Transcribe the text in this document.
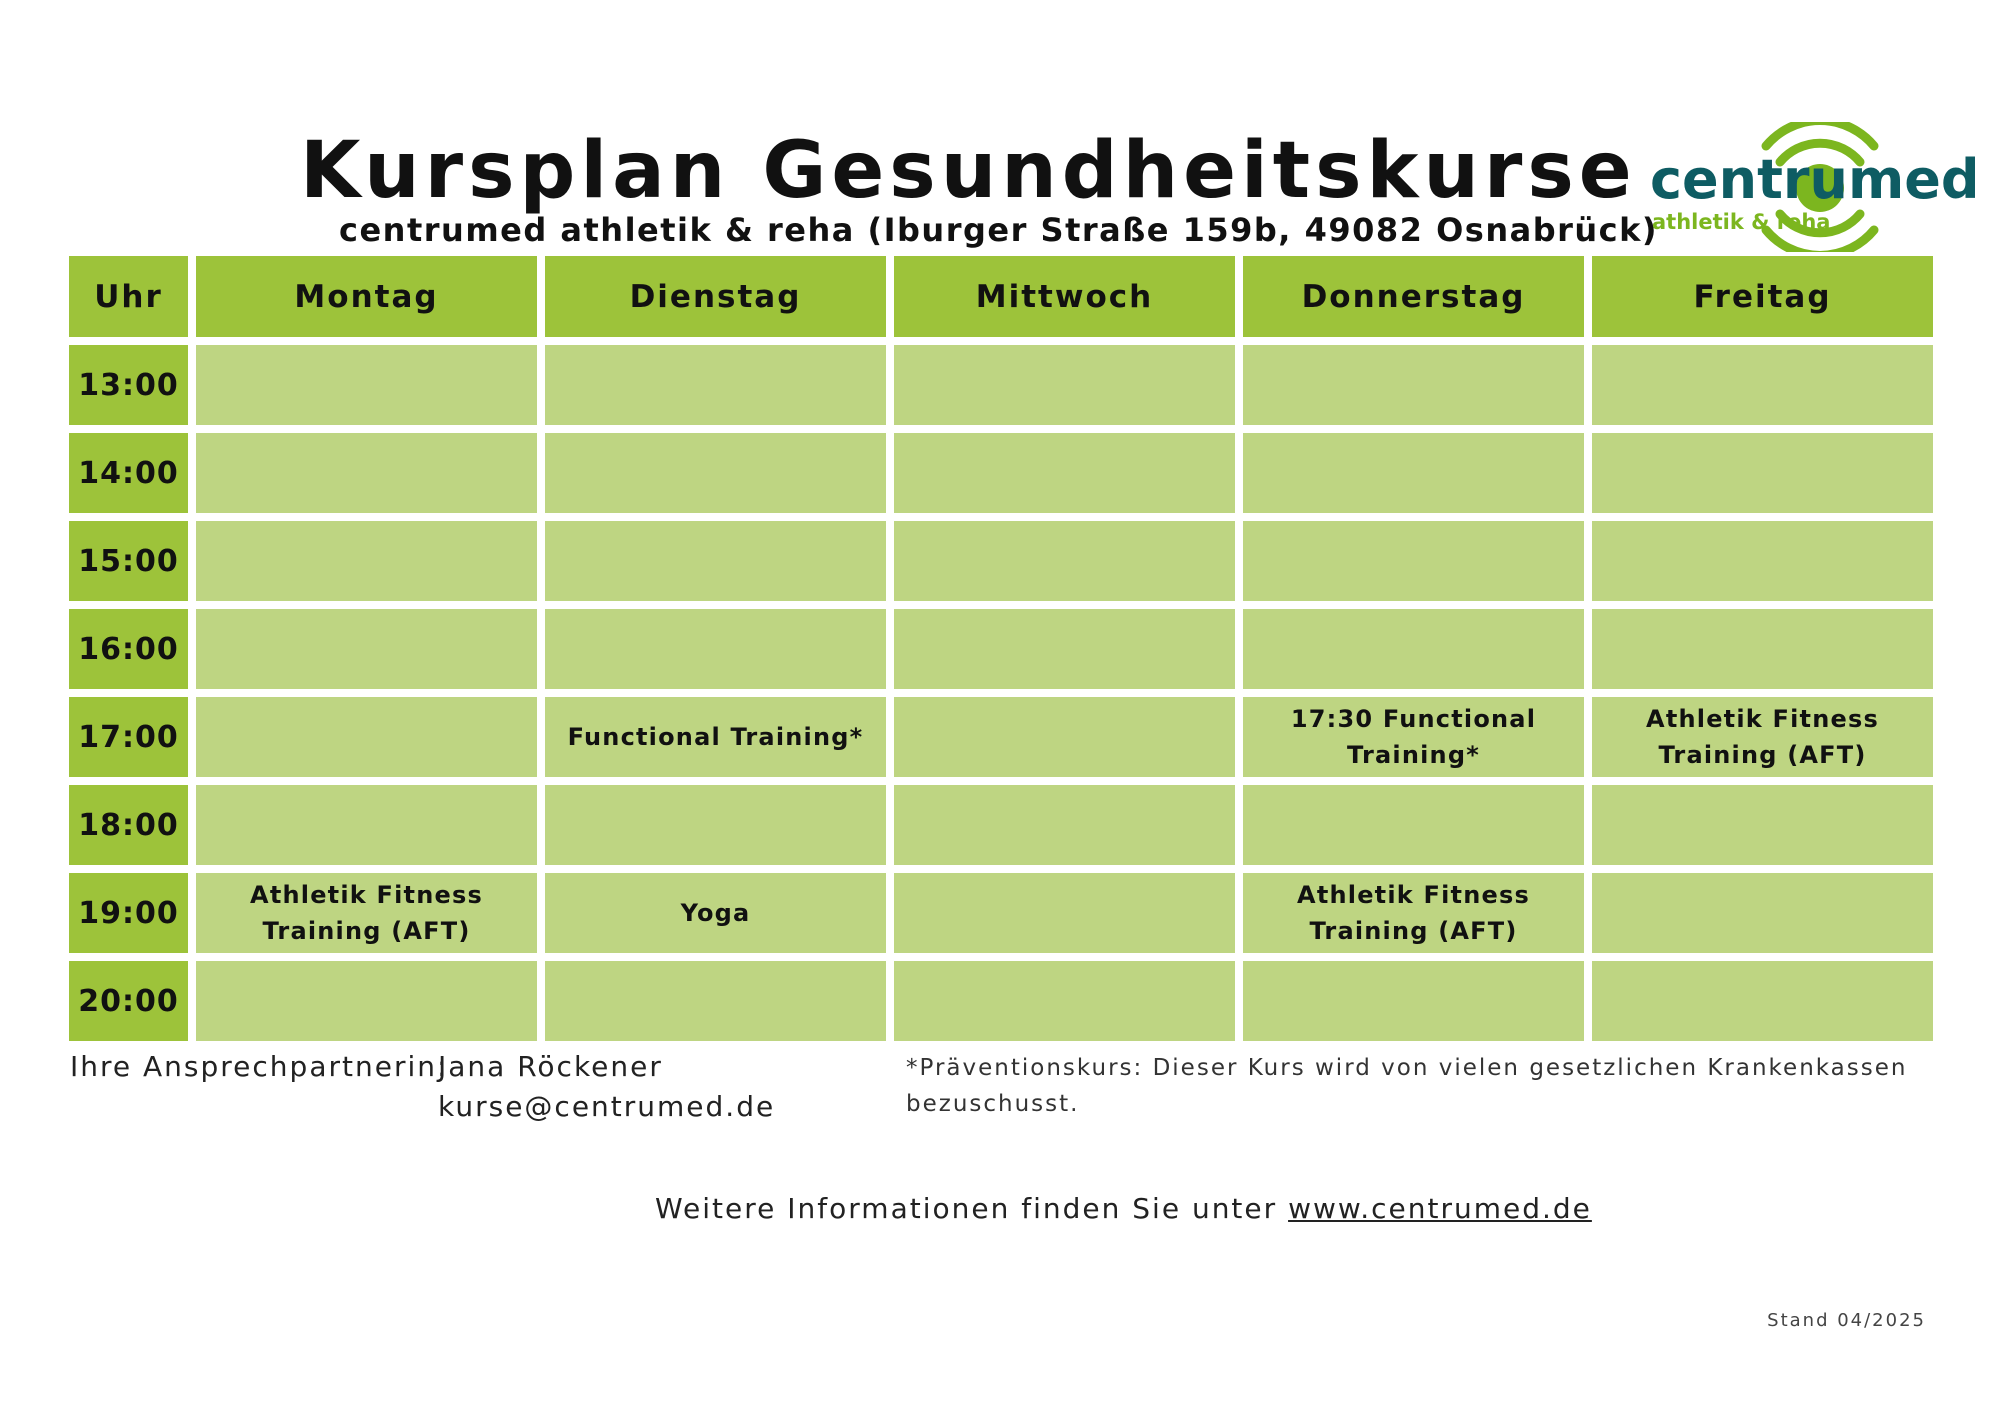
Kursplan Gesundheitskurse
centrumed athletik & reha (Iburger Straße 159b, 49082 Osnabrück)
centrumed
athletik & reha
Uhr	Montag	Dienstag	Mittwoch	Donnerstag	Freitag
13:00					
14:00					
15:00					
16:00					
17:00		Functional Training*		17:30 Functional Training*	Athletik Fitness Training (AFT)
18:00					
19:00	Athletik Fitness Training (AFT)	Yoga		Athletik Fitness Training (AFT)	
20:00					
Ihre Ansprechpartnerin:
Jana Röckener
kurse@centrumed.de
*Präventionskurs: Dieser Kurs wird von vielen gesetzlichen Krankenkassen bezuschusst.
Weitere Informationen finden Sie unter www.centrumed.de
Stand 04/2025
